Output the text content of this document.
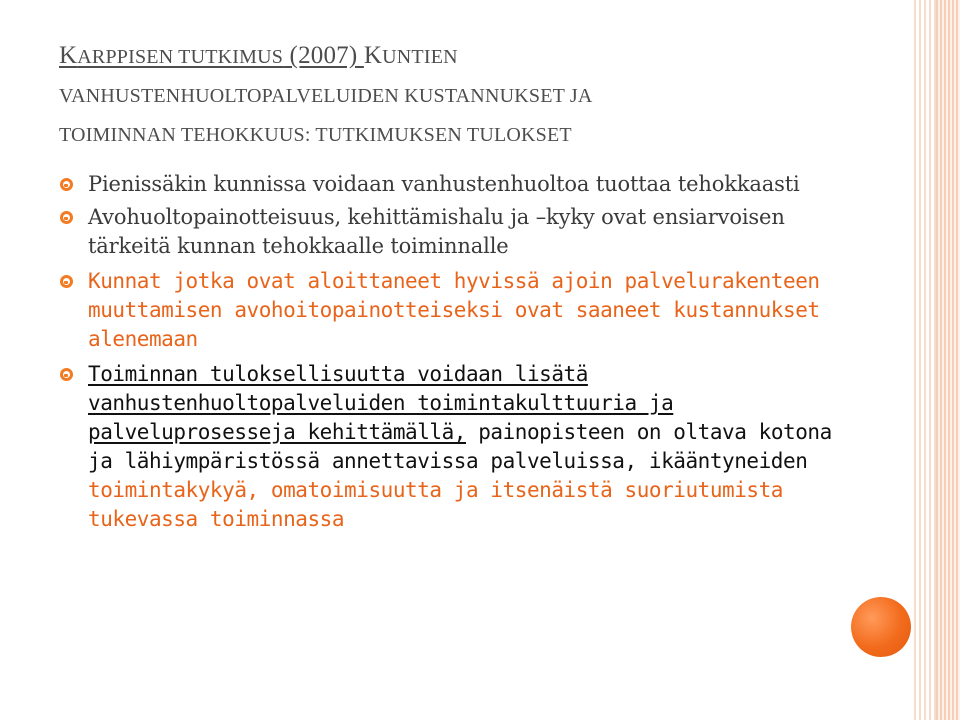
KARPPISEN TUTKIMUS (2007) KUNTIEN
VANHUSTENHUOLTOPALVELUIDEN KUSTANNUKSET JA
TOIMINNAN TEHOKKUUS: TUTKIMUKSEN TULOKSET

Pienissäkin kunnissa voidaan vanhustenhuoltoa tuottaa tehokkaasti

Avohuoltopainotteisuus, kehittämishalu ja –kyky ovat ensiarvoisen tärkeitä kunnan tehokkaalle toiminnalle

Kunnat jotka ovat aloittaneet hyvissä ajoin palvelurakenteen muuttamisen avohoitopainotteiseksi ovat saaneet kustannukset alenemaan

Toiminnan tuloksellisuutta voidaan lisätä vanhustenhuoltopalveluiden toimintakulttuuria ja palveluprosesseja kehittämällä, painopisteen on oltava kotona ja lähiympäristössä annettavissa palveluissa, ikääntyneiden toimintakykyä, omatoimisuutta ja itsenäistä suoriutumista tukevassa toiminnassa
